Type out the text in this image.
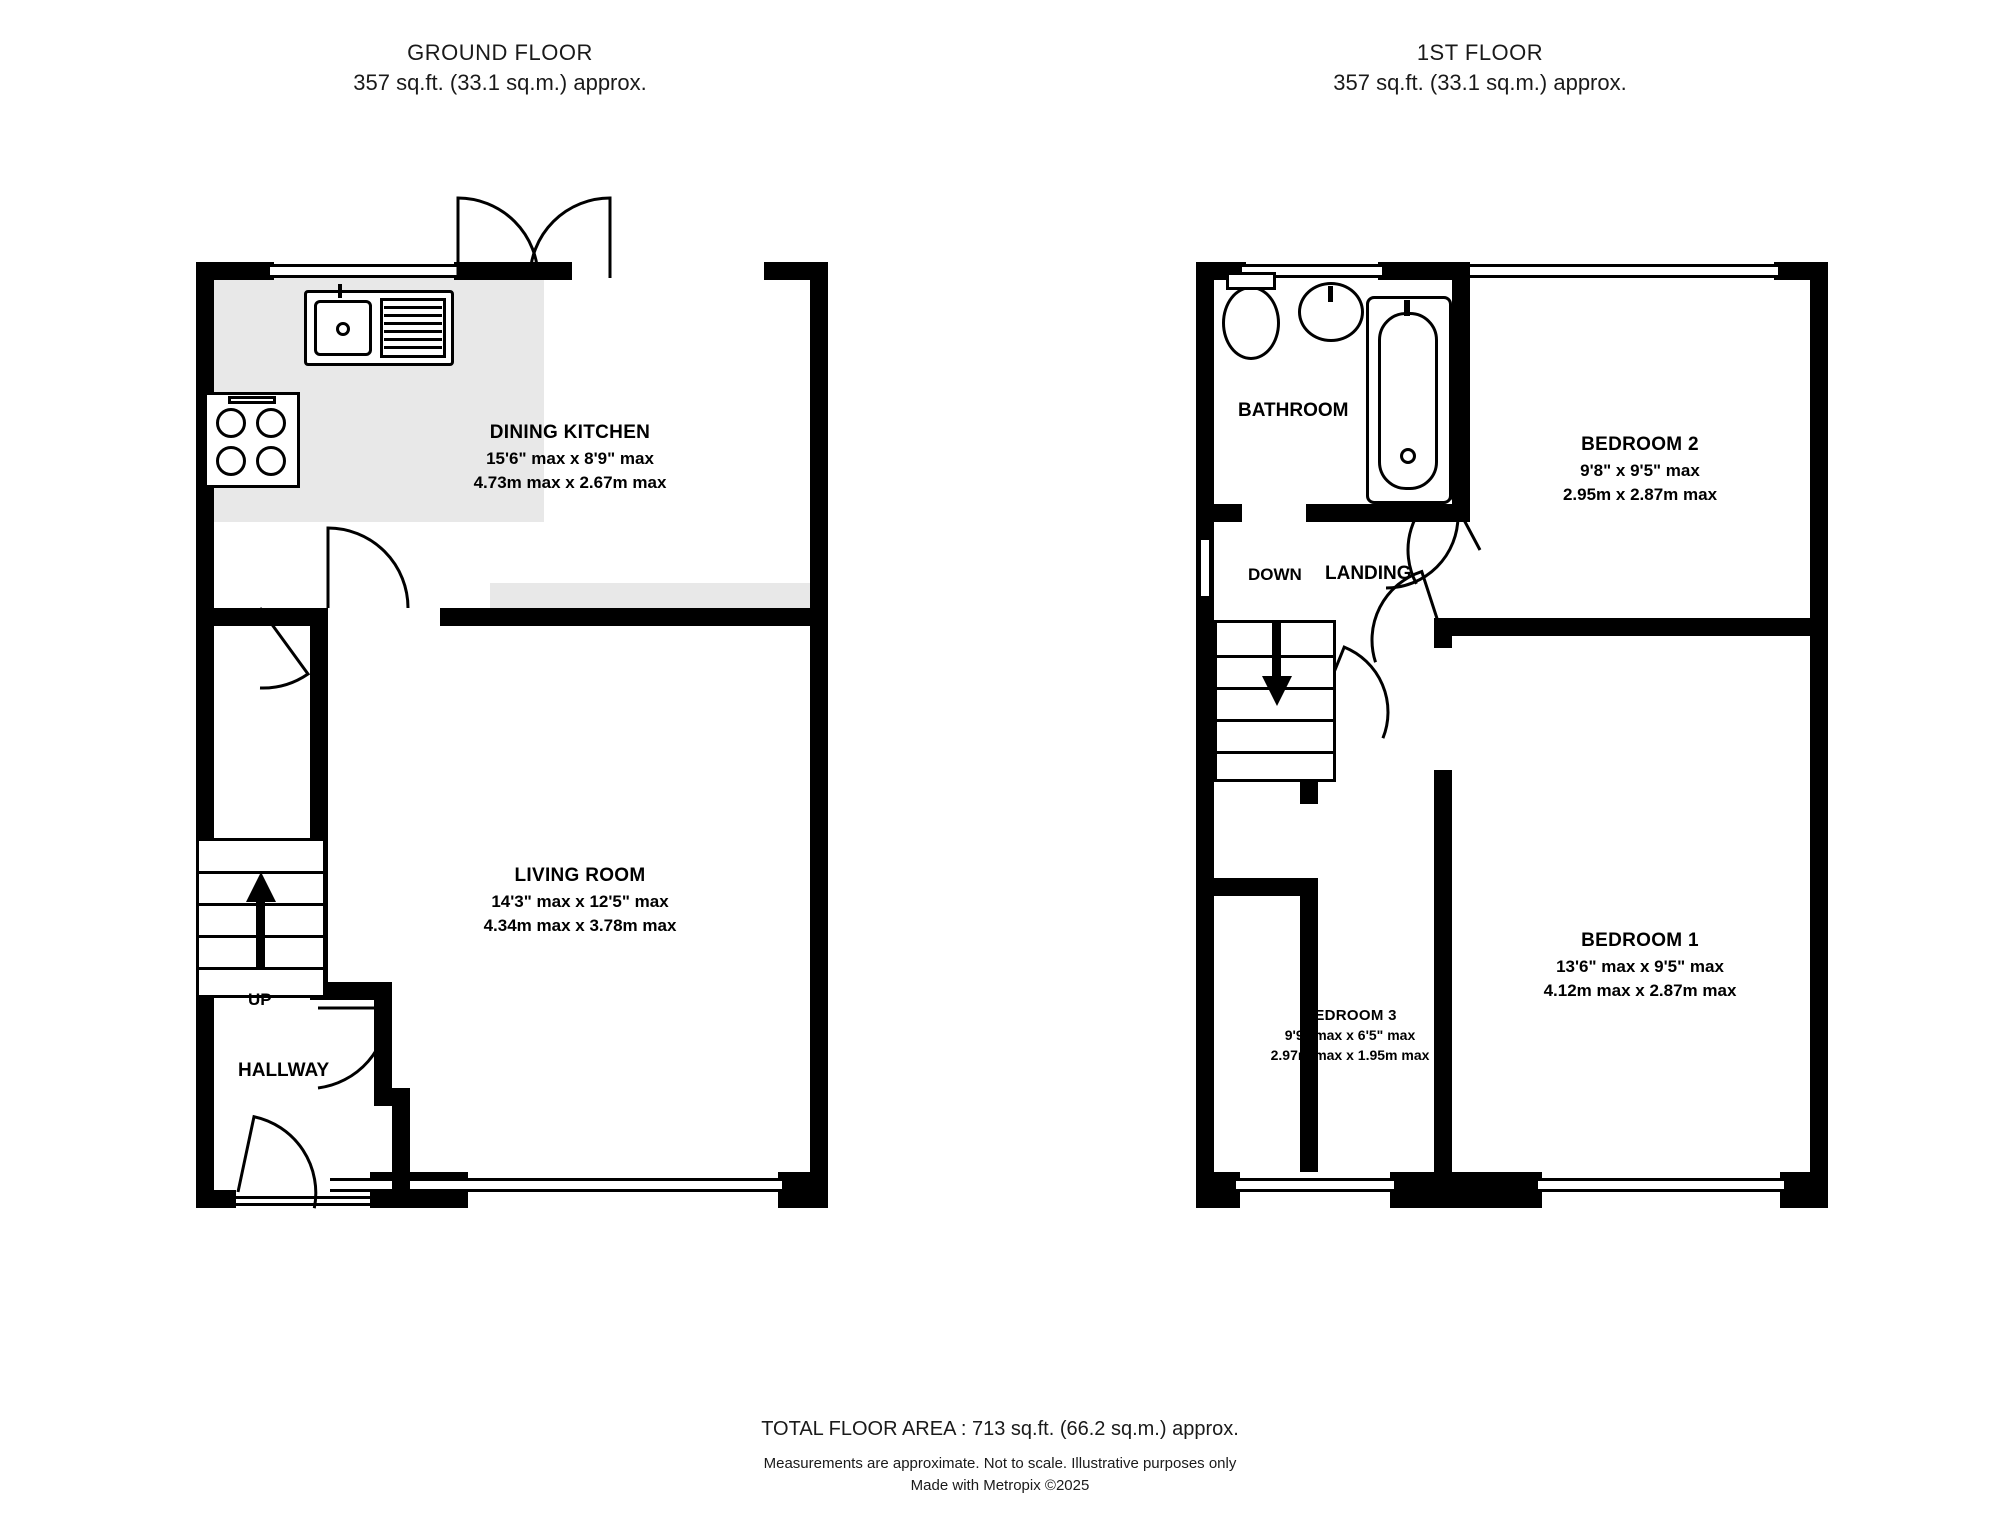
GROUND FLOOR
357 sq.ft. (33.1 sq.m.) approx.
UP
DINING KITCHEN
15'6" max x 8'9" max
4.73m max x 2.67m max
LIVING ROOM
14'3" max x 12'5" max
4.34m max x 3.78m max
HALLWAY
1ST FLOOR
357 sq.ft. (33.1 sq.m.) approx.
DOWN
BATHROOM
LANDING
BEDROOM 2
9'8" x 9'5" max
2.95m x 2.87m max
BEDROOM 1
13'6" max x 9'5" max
4.12m max x 2.87m max
BEDROOM 3
9'9" max x 6'5" max
2.97m max x 1.95m max
TOTAL FLOOR AREA : 713 sq.ft. (66.2 sq.m.) approx.
Measurements are approximate. Not to scale. Illustrative purposes only
Made with Metropix ©2025
